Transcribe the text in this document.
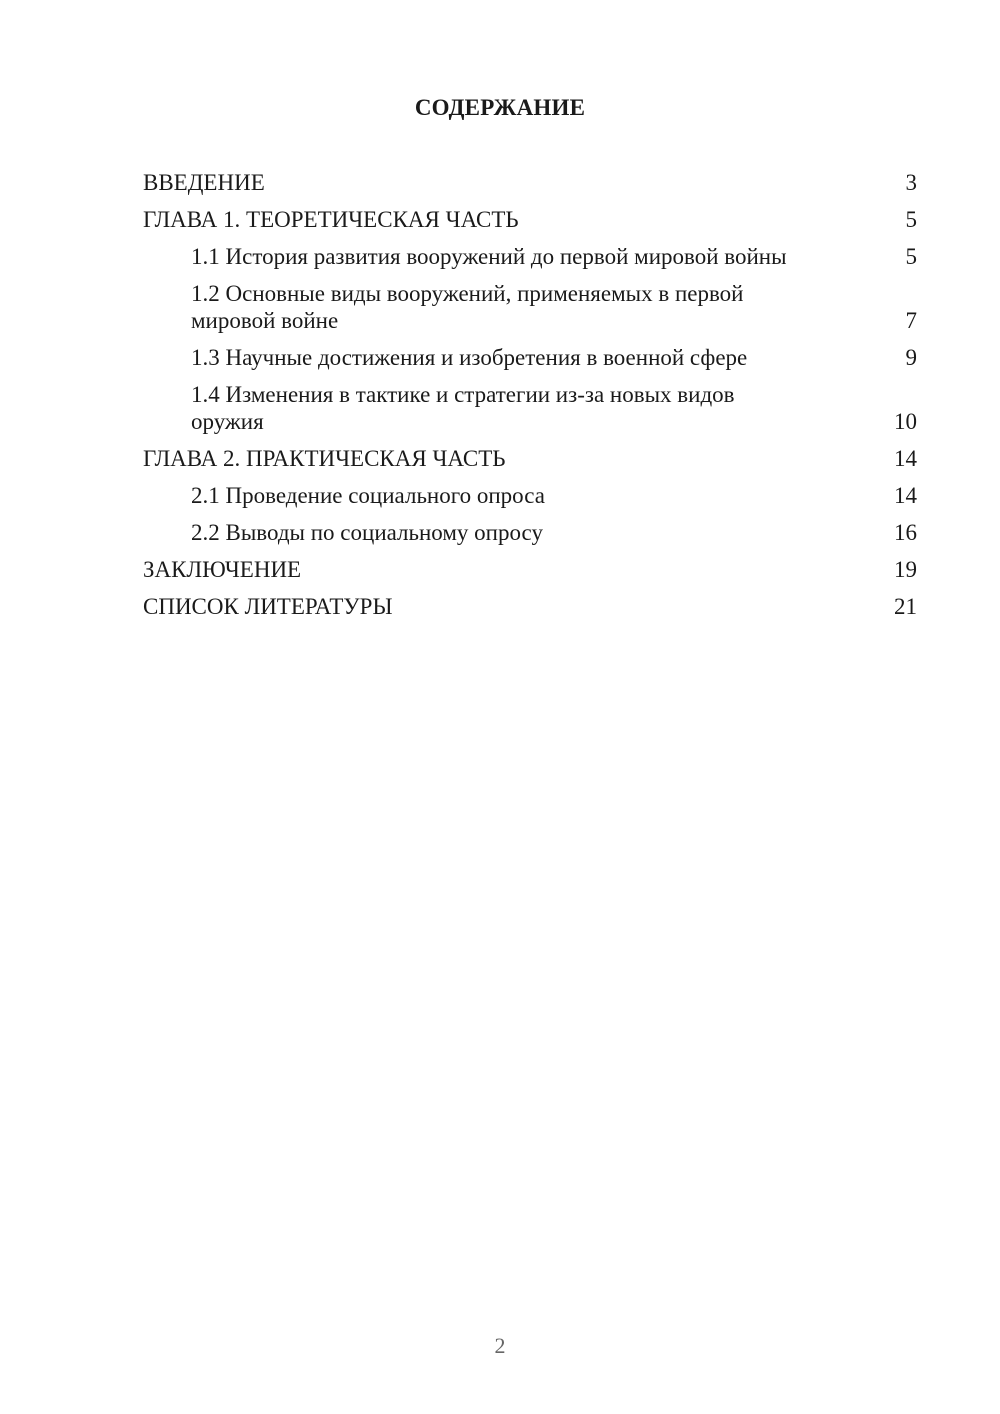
СОДЕРЖАНИЕ
ВВЕДЕНИЕ	3
ГЛАВА 1. ТЕОРЕТИЧЕСКАЯ ЧАСТЬ	5
1.1 История развития вооружений до первой мировой войны	5
1.2 Основные виды вооружений, применяемых в первой мировой войне	7
1.3 Научные достижения и изобретения в военной сфере	9
1.4 Изменения в тактике и стратегии из-за новых видов оружия	10
ГЛАВА 2. ПРАКТИЧЕСКАЯ ЧАСТЬ	14
2.1 Проведение социального опроса	14
2.2 Выводы по социальному опросу	16
ЗАКЛЮЧЕНИЕ	19
СПИСОК ЛИТЕРАТУРЫ	21
2
